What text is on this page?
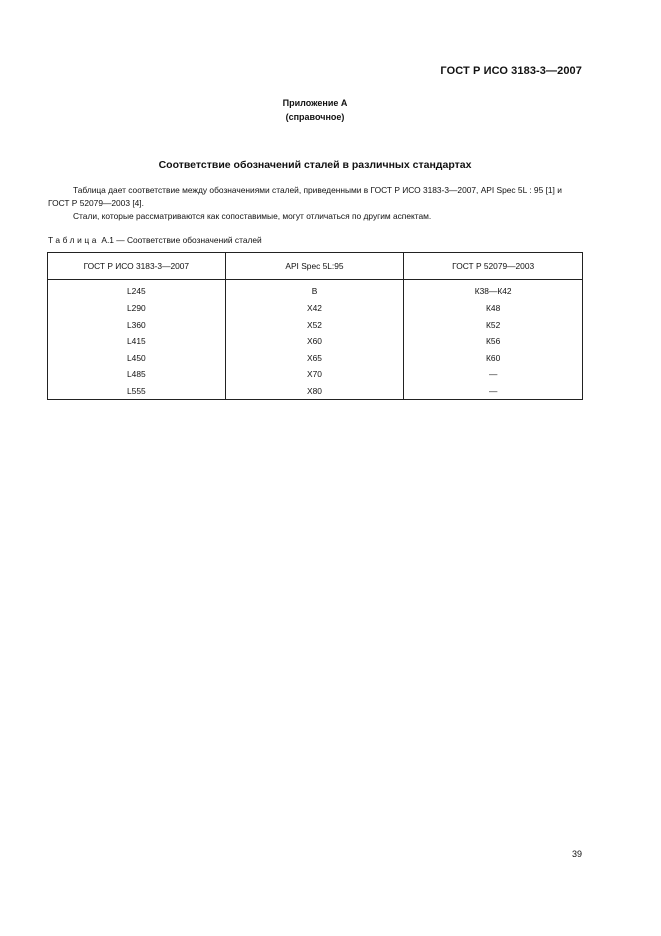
ГОСТ Р ИСО 3183-3—2007
Приложение А
(справочное)
Соответствие обозначений сталей в различных стандартах

Таблица дает соответствие между обозначениями сталей, приведенными в ГОСТ Р ИСО 3183-3—2007, API Spec 5L : 95 [1] и ГОСТ Р 52079—2003 [4].

Стали, которые рассматриваются как сопоставимые, могут отличаться по другим аспектам.

Таблица А.1 — Соответствие обозначений сталей
ГОСТ Р ИСО 3183-3—2007	API Spec 5L:95	ГОСТ Р 52079—2003
L245	B	К38—К42
L290	X42	К48
L360	X52	К52
L415	X60	К56
L450	X65	К60
L485	X70	—
L555	X80	—
39
